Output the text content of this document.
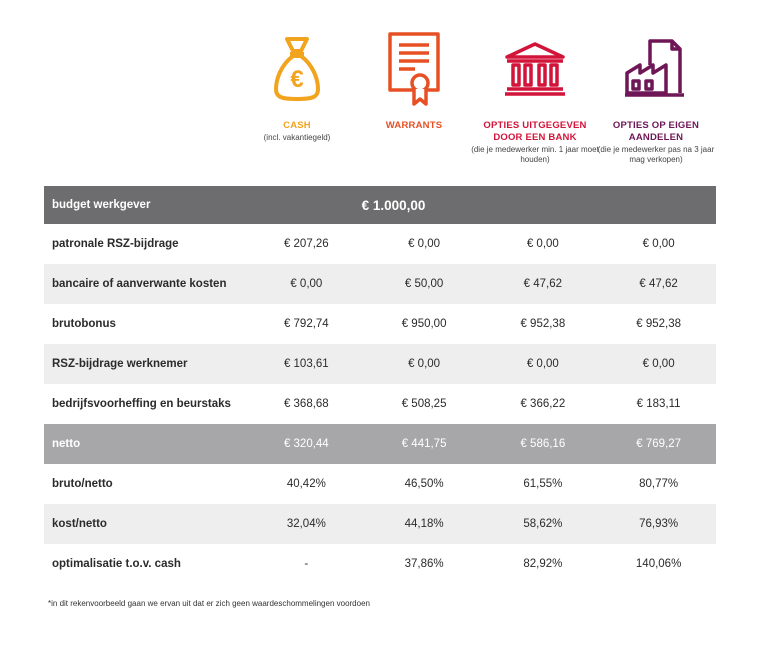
€
CASH
(incl. vakantiegeld)
WARRANTS	OPTIES UITGEGEVEN DOOR EEN BANK
(die je medewerker min. 1 jaar moet houden)
OPTIES OP EIGEN AANDELEN
(die je medewerker pas na 3 jaar mag verkopen)
budget werkgever	€ 1.000,00
patronale RSZ-bijdrage	€ 207,26	€ 0,00	€ 0,00	€ 0,00
bancaire of aanverwante kosten	€ 0,00	€ 50,00	€ 47,62	€ 47,62
brutobonus	€ 792,74	€ 950,00	€ 952,38	€ 952,38
RSZ-bijdrage werknemer	€ 103,61	€ 0,00	€ 0,00	€ 0,00
bedrijfsvoorheffing en beurstaks	€ 368,68	€ 508,25	€ 366,22	€ 183,11
netto	€ 320,44	€ 441,75	€ 586,16	€ 769,27
bruto/netto	40,42%	46,50%	61,55%	80,77%
kost/netto	32,04%	44,18%	58,62%	76,93%
optimalisatie t.o.v. cash	-	37,86%	82,92%	140,06%
*in dit rekenvoorbeeld gaan we ervan uit dat er zich geen waardeschommelingen voordoen
